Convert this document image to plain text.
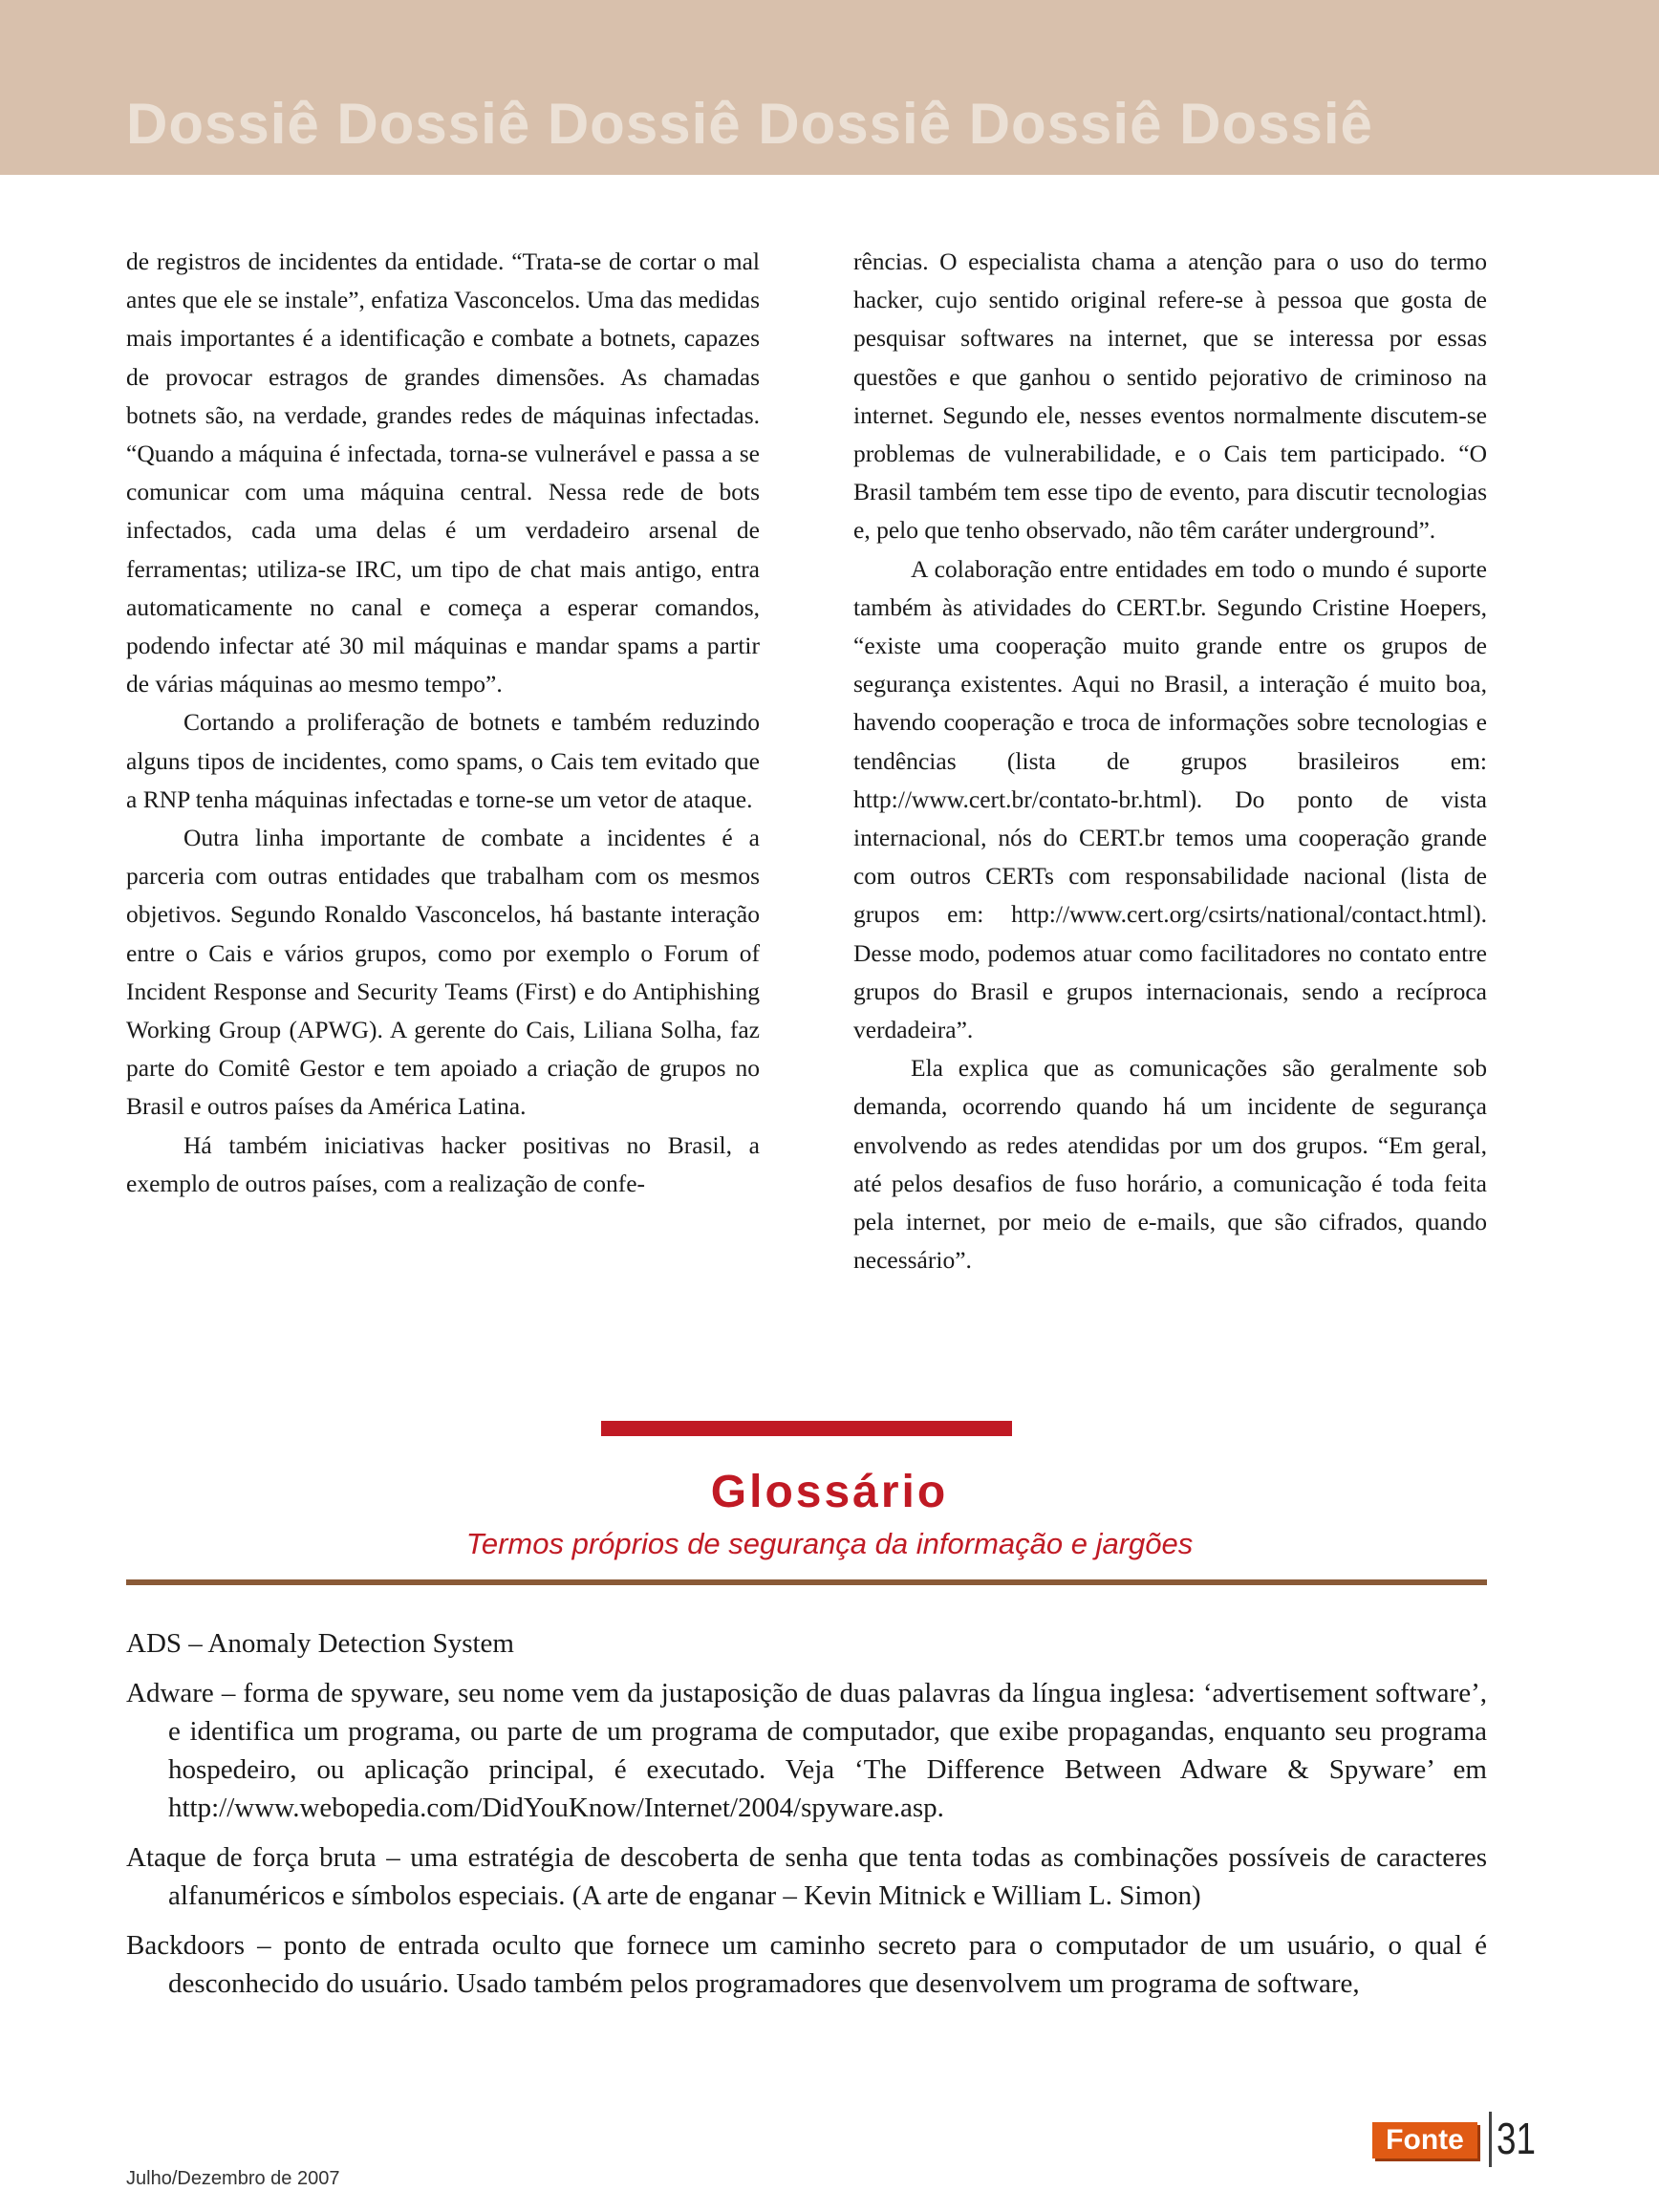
Dossiê Dossiê Dossiê Dossiê Dossiê Dossiê

de registros de incidentes da entidade. “Trata-se de cortar o mal antes que ele se instale”, enfatiza Vasconcelos. Uma das medidas mais importantes é a identificação e combate a botnets, capazes de provocar estragos de grandes dimensões. As chamadas botnets são, na verdade, grandes redes de máquinas infectadas. “Quando a máquina é infectada, torna-se vulnerável e passa a se comunicar com uma máquina central. Nessa rede de bots infectados, cada uma delas é um verdadeiro arsenal de ferramentas; utiliza-se IRC, um tipo de chat mais antigo, entra automaticamente no canal e começa a esperar comandos, podendo infectar até 30 mil máquinas e mandar spams a partir de várias máquinas ao mesmo tempo”.

Cortando a proliferação de botnets e também reduzindo alguns tipos de incidentes, como spams, o Cais tem evitado que a RNP tenha máquinas infectadas e torne-se um vetor de ataque.

Outra linha importante de combate a incidentes é a parceria com outras entidades que trabalham com os mesmos objetivos. Segundo Ronaldo Vasconcelos, há bastante interação entre o Cais e vários grupos, como por exemplo o Forum of Incident Response and Security Teams (First) e do Antiphishing Working Group (APWG). A gerente do Cais, Liliana Solha, faz parte do Comitê Gestor e tem apoiado a criação de grupos no Brasil e outros países da América Latina.

Há também iniciativas hacker positivas no Brasil, a exemplo de outros países, com a realização de confe-

rências. O especialista chama a atenção para o uso do termo hacker, cujo sentido original refere-se à pessoa que gosta de pesquisar softwares na internet, que se interessa por essas questões e que ganhou o sentido pejorativo de criminoso na internet. Segundo ele, nesses eventos normalmente discutem-se problemas de vulnerabilidade, e o Cais tem participado. “O Brasil também tem esse tipo de evento, para discutir tecnologias e, pelo que tenho observado, não têm caráter underground”.

A colaboração entre entidades em todo o mundo é suporte também às atividades do CERT.br. Segundo Cristine Hoepers, “existe uma cooperação muito grande entre os grupos de segurança existentes. Aqui no Brasil, a interação é muito boa, havendo cooperação e troca de informações sobre tecnologias e tendências (lista de grupos brasileiros em: http://www.cert.br/contato-br.html). Do ponto de vista internacional, nós do CERT.br temos uma cooperação grande com outros CERTs com responsabilidade nacional (lista de grupos em: http://www.cert.org/csirts/national/contact.html). Desse modo, podemos atuar como facilitadores no contato entre grupos do Brasil e grupos internacionais, sendo a recíproca verdadeira”.

Ela explica que as comunicações são geralmente sob demanda, ocorrendo quando há um incidente de segurança envolvendo as redes atendidas por um dos grupos. “Em geral, até pelos desafios de fuso horário, a comunicação é toda feita pela internet, por meio de e-mails, que são cifrados, quando necessário”.

Glossário
Termos próprios de segurança da informação e jargões

ADS – Anomaly Detection System

Adware – forma de spyware, seu nome vem da justaposição de duas palavras da língua inglesa: ‘advertisement software’, e identifica um programa, ou parte de um programa de computador, que exibe propagandas, enquanto seu programa hospedeiro, ou aplicação principal, é executado. Veja ‘The Difference Between Adware & Spyware’ em http://www.webopedia.com/DidYouKnow/Internet/2004/spyware.asp.

Ataque de força bruta – uma estratégia de descoberta de senha que tenta todas as combinações possíveis de caracteres alfanuméricos e símbolos especiais. (A arte de enganar – Kevin Mitnick e William L. Simon)

Backdoors – ponto de entrada oculto que fornece um caminho secreto para o computador de um usuário, o qual é desconhecido do usuário. Usado também pelos programadores que desenvolvem um programa de software,

Julho/Dezembro de 2007
Fonte 31
